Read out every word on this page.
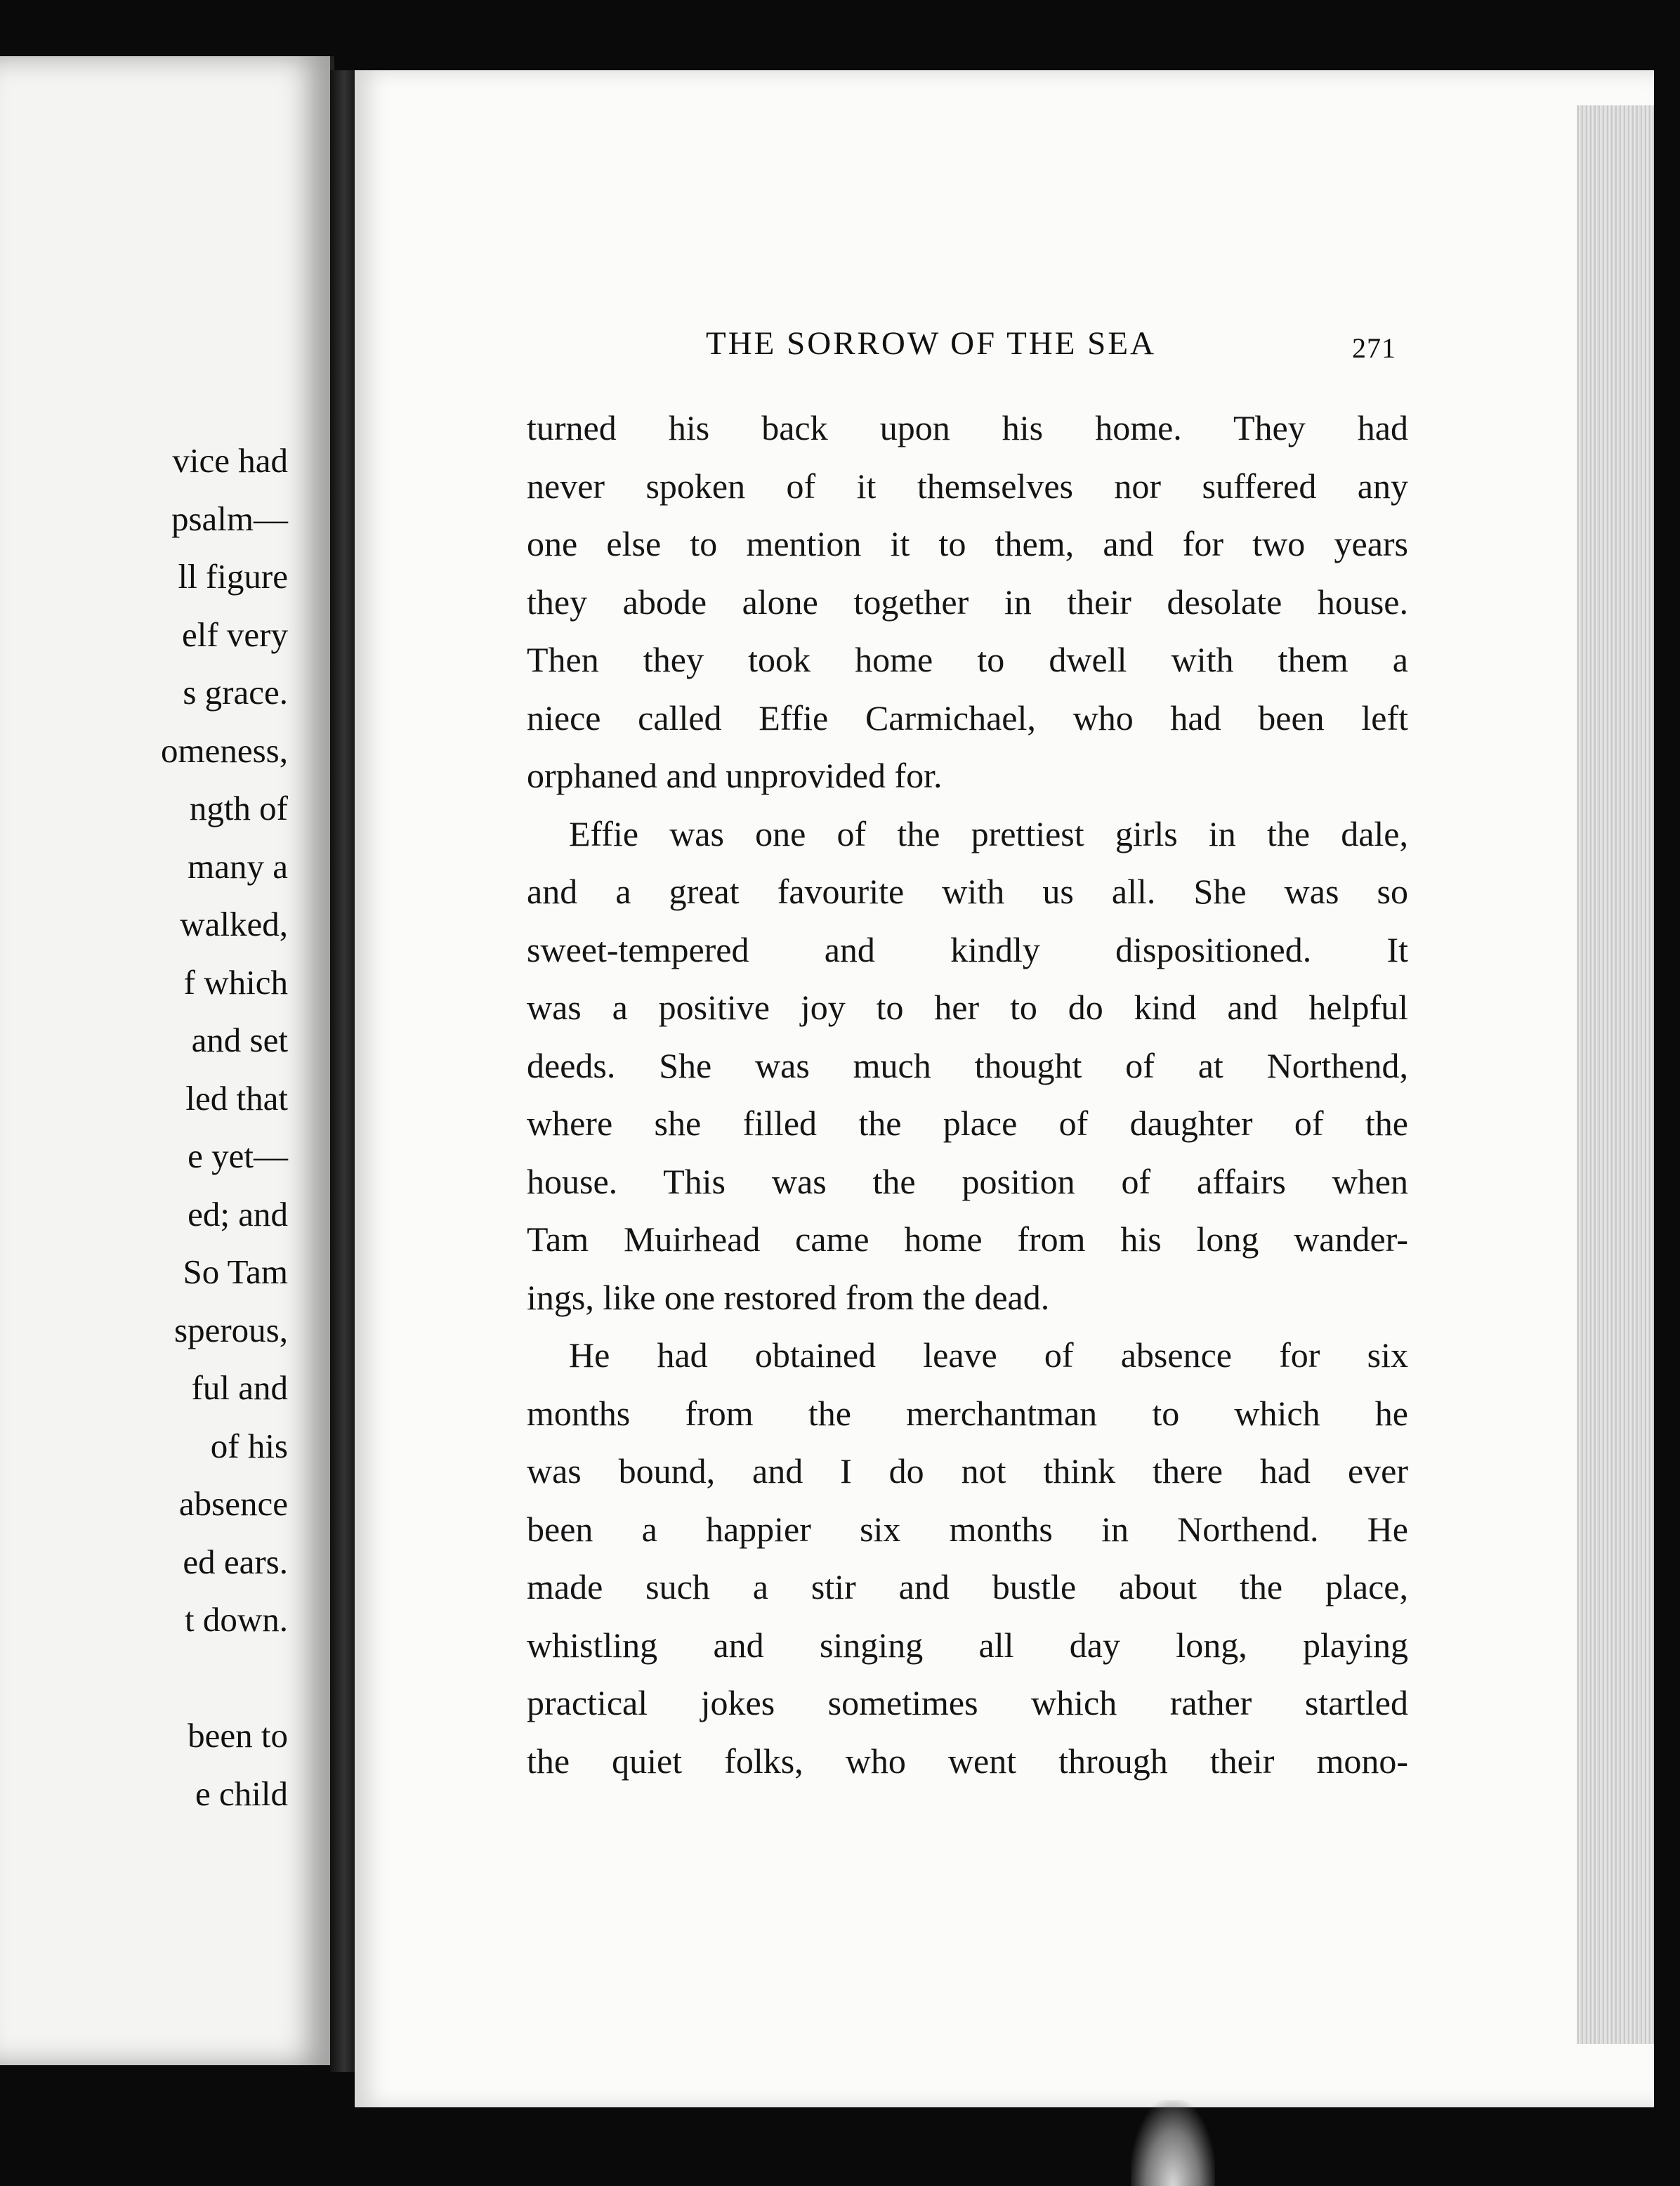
vice had
psalm—
ll figure
elf very
s grace.
omeness,
ngth of
many a
walked,
f which
and set
led that
e yet—
ed; and
So Tam
sperous,
ful and
of his
absence
ed ears.
t down.
been to
e child
THE SORROW OF THE SEA	271
turned his back upon his home. They had
never spoken of it themselves nor suffered any
one else to mention it to them, and for two years
they abode alone together in their desolate house.
Then they took home to dwell with them a
niece called Effie Carmichael, who had been left
orphaned and unprovided for.
Effie was one of the prettiest girls in the dale,
and a great favourite with us all. She was so
sweet-tempered and kindly dispositioned. It
was a positive joy to her to do kind and helpful
deeds. She was much thought of at Northend,
where she filled the place of daughter of the
house. This was the position of affairs when
Tam Muirhead came home from his long wander-
ings, like one restored from the dead.
He had obtained leave of absence for six
months from the merchantman to which he
was bound, and I do not think there had ever
been a happier six months in Northend. He
made such a stir and bustle about the place,
whistling and singing all day long, playing
practical jokes sometimes which rather startled
the quiet folks, who went through their mono-
